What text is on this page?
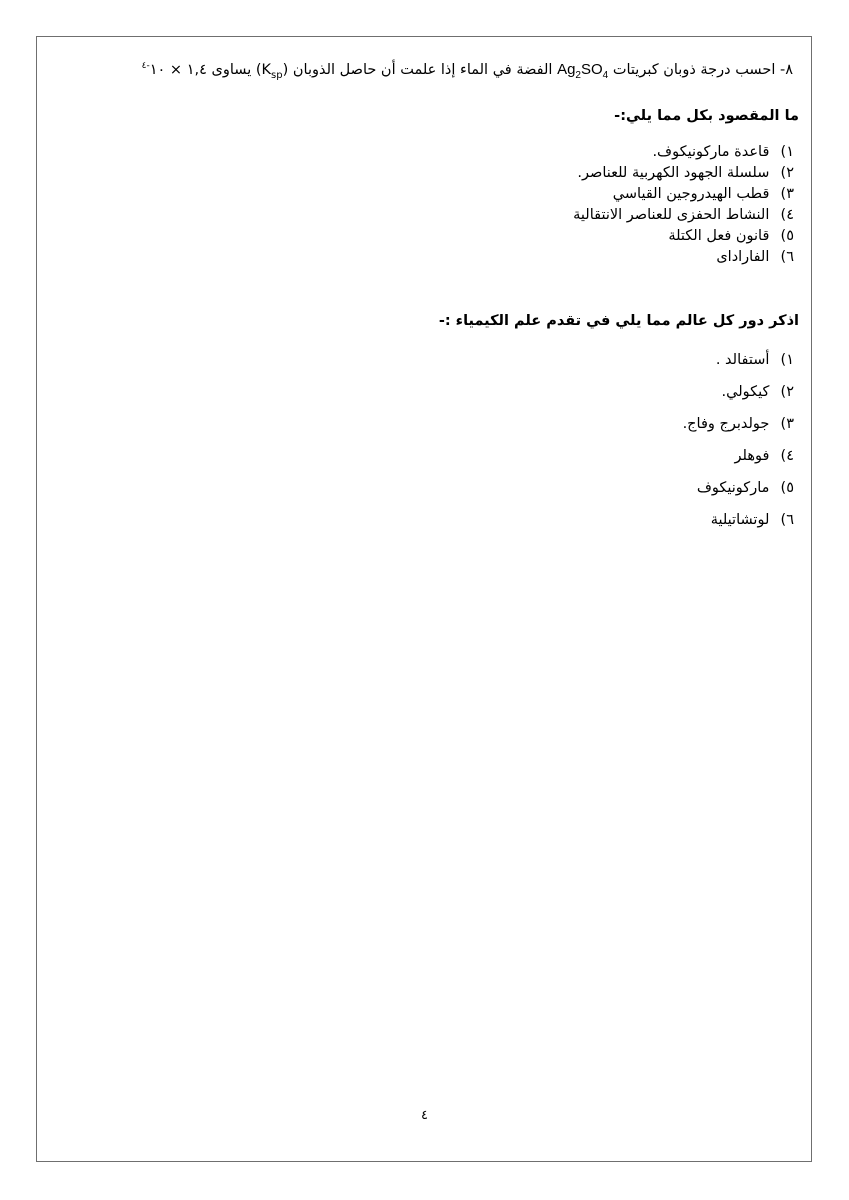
٨- احسب درجة ذوبان كبريتات $Ag_2SO_4$ الفضة في الماء إذا علمت أن حاصل الذوبان $(K_{sp})$ يساوى ١,٤ × $١٠^{-٤}$
ما المقصود بكل مما يلي:-
١) قاعدة ماركونيكوف.
٢) سلسلة الجهود الكهربية للعناصر.
٣) قطب الهيدروجين القياسي
٤) النشاط الحفزى للعناصر الانتقالية
٥) قانون فعل الكتلة
٦) الفاراداى
اذكر دور كل عالم مما يلي في تقدم علم الكيمياء :-
١) أستفالد .
٢) كيكولي.
٣) جولدبرج وفاج.
٤) فوهلر
٥) ماركونيكوف
٦) لوتشاتيلية
٤
